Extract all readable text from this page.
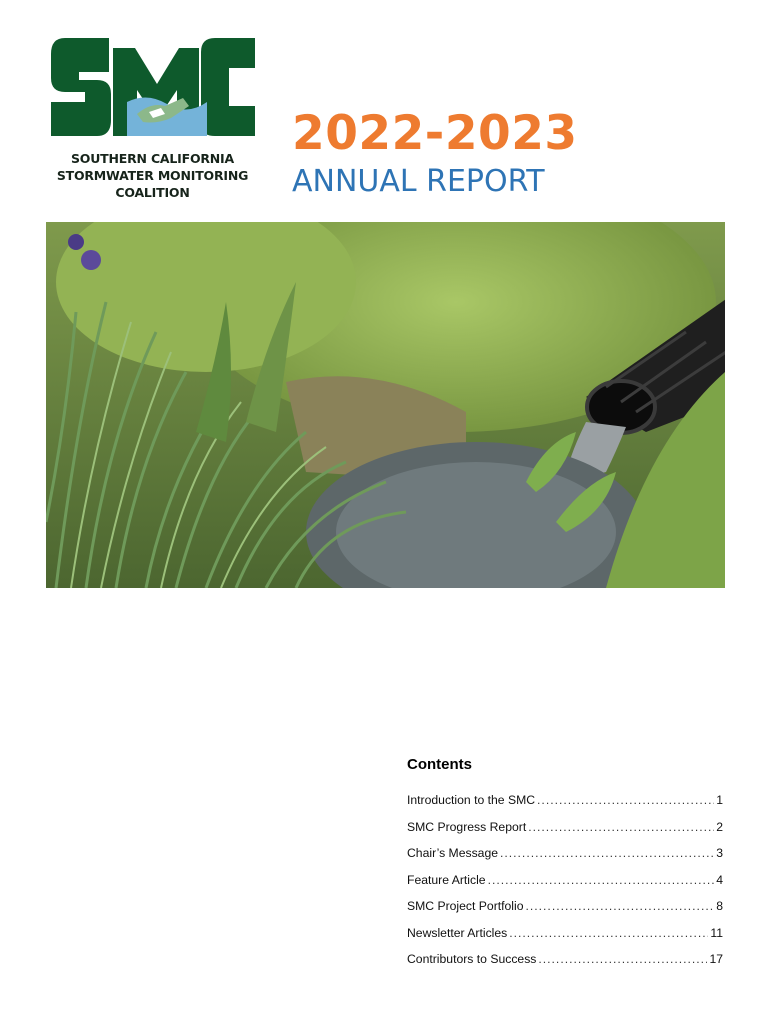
SOUTHERN CALIFORNIA
STORMWATER MONITORING
COALITION
2022-2023
ANNUAL REPORT
Contents
Introduction to the SMC .....	1
SMC Progress Report .....	2
Chair’s Message .....	3
Feature Article .....	4
SMC Project Portfolio .....	8
Newsletter Articles .....	11
Contributors to Success .....	17
